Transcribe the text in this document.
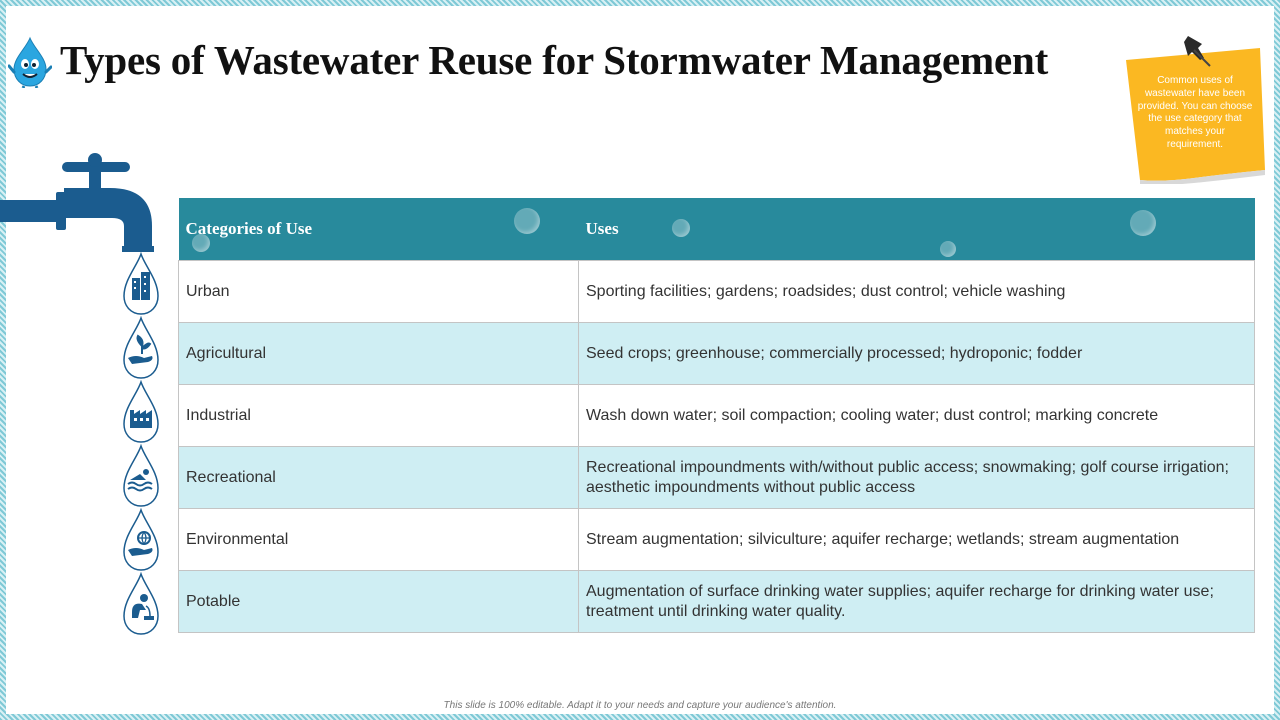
Types of Wastewater Reuse for Stormwater Management	Common uses of wastewater have been provided. You can choose the use category that matches your requirement.
Categories of Use	Uses
Urban	Sporting facilities; gardens; roadsides; dust control; vehicle washing
Agricultural	Seed crops; greenhouse; commercially processed; hydroponic; fodder
Industrial	Wash down water; soil compaction; cooling water; dust control; marking concrete
Recreational	Recreational impoundments with/without public access; snowmaking; golf course irrigation; aesthetic impoundments without public access
Environmental	Stream augmentation; silviculture; aquifer recharge; wetlands; stream augmentation
Potable	Augmentation of surface drinking water supplies; aquifer recharge for drinking water use; treatment until drinking water quality.
This slide is 100% editable. Adapt it to your needs and capture your audience's attention.
